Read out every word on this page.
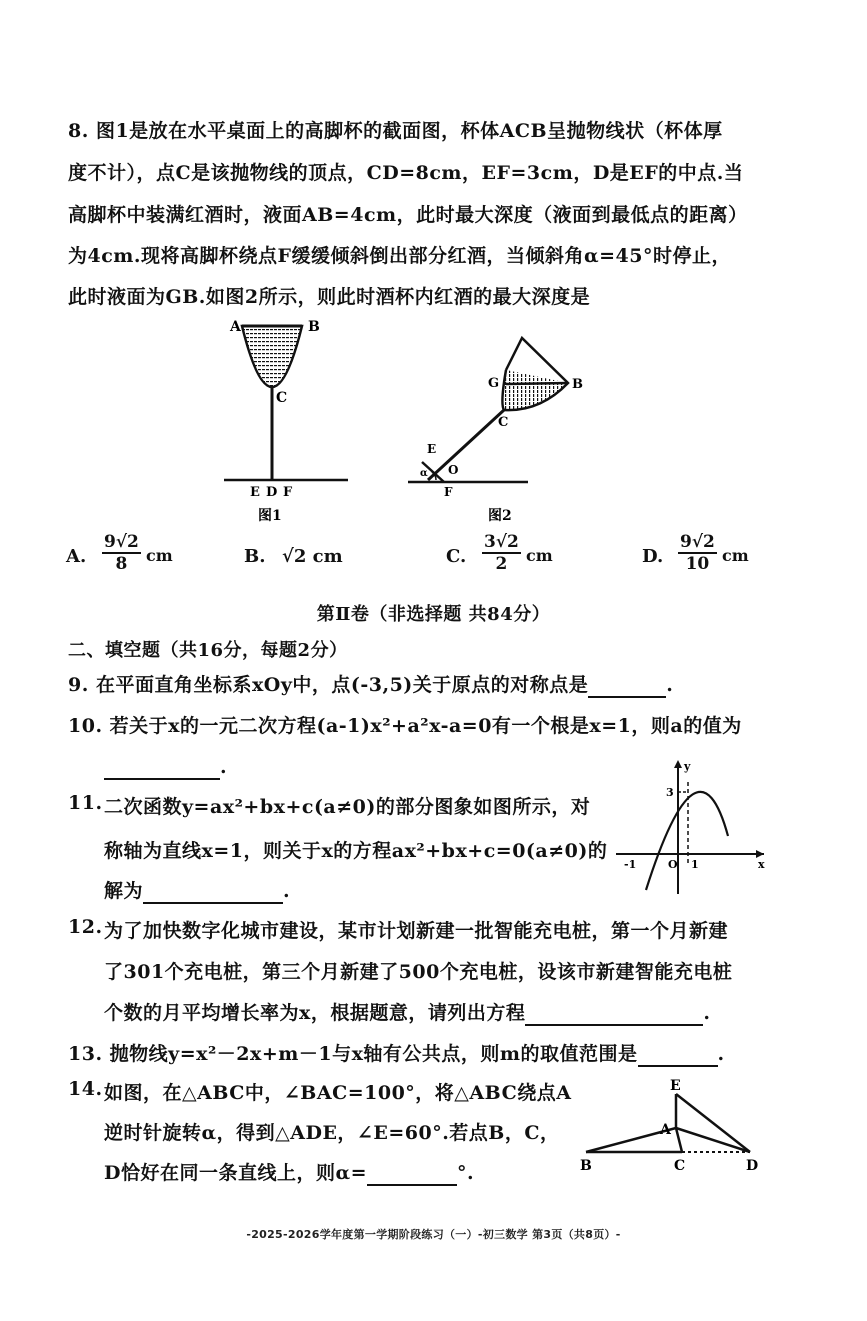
8. 图1是放在水平桌面上的高脚杯的截面图，杯体ACB呈抛物线状（杯体厚
度不计），点C是该抛物线的顶点，CD=8cm，EF=3cm，D是EF的中点.当
高脚杯中装满红酒时，液面AB=4cm，此时最大深度（液面到最低点的距离）
为4cm.现将高脚杯绕点F缓缓倾斜倒出部分红酒，当倾斜角α=45°时停止，
此时液面为GB.如图2所示，则此时酒杯内红酒的最大深度是
A	B
C
E D F
图1
G	B
C
E
O
α
F
图2
A. $\frac{9√2}{8}$ cm	B. √2 cm	C. $\frac{3√2}{2}$ cm	D. $\frac{9√2}{10}$ cm
第Ⅱ卷（非选择题 共84分）
二、填空题（共16分，每题2分）
9. 在平面直角坐标系xOy中，点(-3,5)关于原点的对称点是	.
10. 若关于x的一元二次方程(a-1)x²+a²x-a=0有一个根是x=1，则a的值为
.
11. 二次函数y=ax²+bx+c(a≠0)的部分图象如图所示，对
称轴为直线x=1，则关于x的方程ax²+bx+c=0(a≠0)的
解为	.
y
x
3
-1	O 1
12. 为了加快数字化城市建设，某市计划新建一批智能充电桩，第一个月新建
了301个充电桩，第三个月新建了500个充电桩，设该市新建智能充电桩
个数的月平均增长率为x，根据题意，请列出方程	.
13. 抛物线y=x²－2x+m－1与x轴有公共点，则m的取值范围是	.
14. 如图，在△ABC中，∠BAC=100°，将△ABC绕点A
逆时针旋转α，得到△ADE，∠E=60°.若点B，C，
D恰好在同一条直线上，则α=	°.
E
A
B	C	D
-2025-2026学年度第一学期阶段练习（一）-初三数学 第3页（共8页）-
